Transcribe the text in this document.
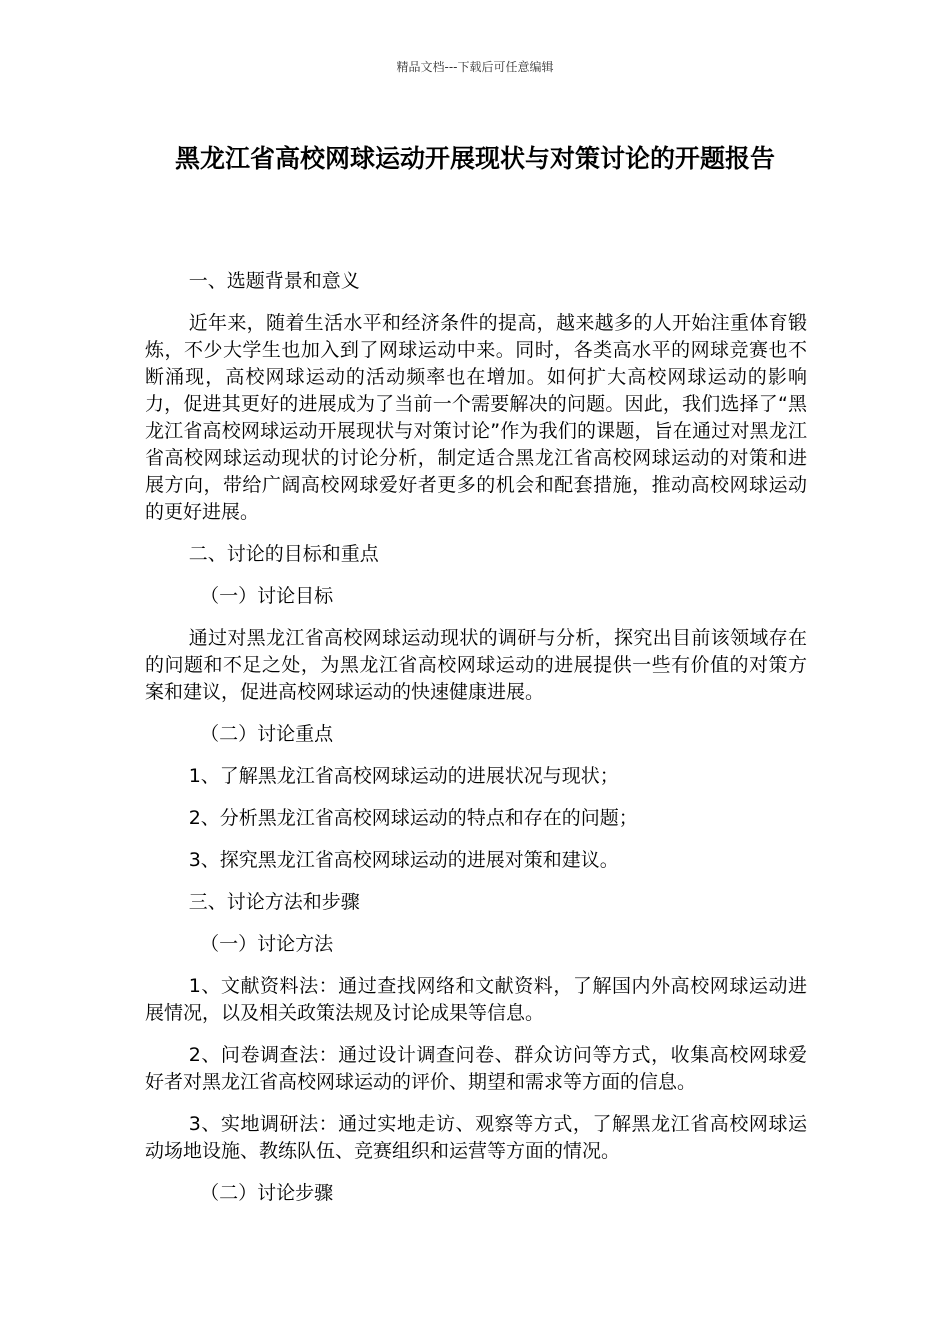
精品文档---下载后可任意编辑
黑龙江省高校网球运动开展现状与对策讨论的开题报告

一、选题背景和意义

近年来，随着生活水平和经济条件的提高，越来越多的人开始注重体育锻炼，不少大学生也加入到了网球运动中来。同时，各类高水平的网球竞赛也不断涌现，高校网球运动的活动频率也在增加。如何扩大高校网球运动的影响力，促进其更好的进展成为了当前一个需要解决的问题。因此，我们选择了“黑龙江省高校网球运动开展现状与对策讨论”作为我们的课题，旨在通过对黑龙江省高校网球运动现状的讨论分析，制定适合黑龙江省高校网球运动的对策和进展方向，带给广阔高校网球爱好者更多的机会和配套措施，推动高校网球运动的更好进展。

二、讨论的目标和重点

（一）讨论目标

通过对黑龙江省高校网球运动现状的调研与分析，探究出目前该领域存在的问题和不足之处，为黑龙江省高校网球运动的进展提供一些有价值的对策方案和建议，促进高校网球运动的快速健康进展。

（二）讨论重点

1、了解黑龙江省高校网球运动的进展状况与现状；

2、分析黑龙江省高校网球运动的特点和存在的问题；

3、探究黑龙江省高校网球运动的进展对策和建议。

三、讨论方法和步骤

（一）讨论方法

1、文献资料法：通过查找网络和文献资料，了解国内外高校网球运动进展情况，以及相关政策法规及讨论成果等信息。

2、问卷调查法：通过设计调查问卷、群众访问等方式，收集高校网球爱好者对黑龙江省高校网球运动的评价、期望和需求等方面的信息。

3、实地调研法：通过实地走访、观察等方式，了解黑龙江省高校网球运动场地设施、教练队伍、竞赛组织和运营等方面的情况。

（二）讨论步骤
